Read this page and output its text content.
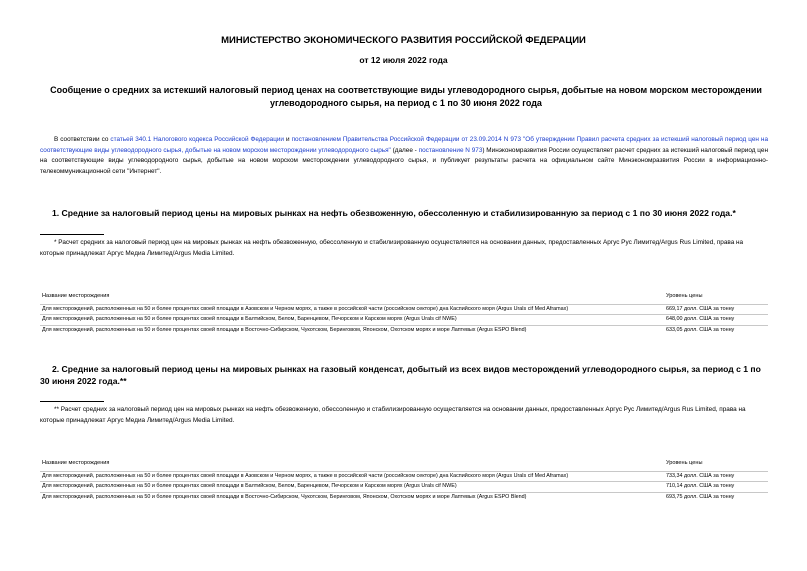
МИНИСТЕРСТВО ЭКОНОМИЧЕСКОГО РАЗВИТИЯ РОССИЙСКОЙ ФЕДЕРАЦИИ
от 12 июля 2022 года
Сообщение о средних за истекший налоговый период ценах на соответствующие виды углеводородного сырья, добытые на новом морском месторождении углеводородного сырья, на период с 1 по 30 июня 2022 года
В соответствии со статьей 340.1 Налогового кодекса Российской Федерации и постановлением Правительства Российской Федерации от 23.09.2014 N 973 "Об утверждении Правил расчета средних за истекший налоговый период цен на соответствующие виды углеводородного сырья, добытые на новом морском месторождении углеводородного сырья" (далее - постановление N 973) Минэкономразвития России осуществляет расчет средних за истекший налоговый период цен на соответствующие виды углеводородного сырья, добытые на новом морском месторождении углеводородного сырья, и публикует результаты расчета на официальном сайте Минэкономразвития России в информационно-телекоммуникационной сети "Интернет".
1. Средние за налоговый период цены на мировых рынках на нефть обезвоженную, обессоленную и стабилизированную за период с 1 по 30 июня 2022 года.*
* Расчет средних за налоговый период цен на мировых рынках на нефть обезвоженную, обессоленную и стабилизированную осуществляется на основании данных, предоставленных Аргус Рус Лимитед/Argus Rus Limited, права на которые принадлежат Аргус Медиа Лимитед/Argus Media Limited.
Название месторождения	Уровень цены
Для месторождений, расположенных на 50 и более процентах своей площади в Азовском и Черном морях, а также в российской части (российском секторе) дна Каспийского моря (Argus Urals cif Med Aframax)	669,17 долл. США за тонну
Для месторождений, расположенных на 50 и более процентах своей площади в Балтийском, Белом, Баренцевом, Печорском и Карском морях (Argus Urals cif NWE)	648,00 долл. США за тонну
Для месторождений, расположенных на 50 и более процентах своей площади в Восточно-Сибирском, Чукотском, Беринговом, Японском, Охотском морях и море Лаптевых (Argus ESPO Blend)	633,05 долл. США за тонну
2. Средние за налоговый период цены на мировых рынках на газовый конденсат, добытый из всех видов месторождений углеводородного сырья, за период с 1 по 30 июня 2022 года.**
** Расчет средних за налоговый период цен на мировых рынках на нефть обезвоженную, обессоленную и стабилизированную осуществляется на основании данных, предоставленных Аргус Рус Лимитед/Argus Rus Limited, права на которые принадлежат Аргус Медиа Лимитед/Argus Media Limited.
Название месторождения	Уровень цены
Для месторождений, расположенных на 50 и более процентах своей площади в Азовском и Черном морях, а также в российской части (российском секторе) дна Каспийского моря (Argus Urals cif Med Aframax)	733,34 долл. США за тонну
Для месторождений, расположенных на 50 и более процентах своей площади в Балтийском, Белом, Баренцевом, Печорском и Карском морях (Argus Urals cif NWE)	710,14 долл. США за тонну
Для месторождений, расположенных на 50 и более процентах своей площади в Восточно-Сибирском, Чукотском, Беринговом, Японском, Охотском морях и море Лаптевых (Argus ESPO Blend)	693,75 долл. США за тонну
